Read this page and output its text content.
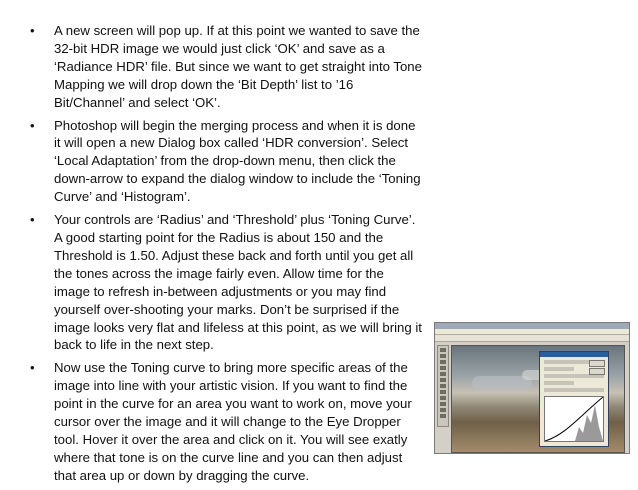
•	A new screen will pop up. If at this point we wanted to save the 32-bit HDR image we would just click ‘OK’ and save as a ‘Radiance HDR’ file. But since we want to get straight into Tone Mapping we will drop down the ‘Bit Depth’ list to ’16 Bit/Channel’ and select ‘OK’.
•	Photoshop will begin the merging process and when it is done it will open a new Dialog box called ‘HDR conversion’. Select ‘Local Adaptation’ from the drop-down menu, then click the down-arrow to expand the dialog window to include the ‘Toning Curve’ and ‘Histogram’.
•	Your controls are ‘Radius’ and ‘Threshold’ plus ‘Toning Curve’. A good starting point for the Radius is about 150 and the Threshold is 1.50. Adjust these back and forth until you get all the tones across the image fairly even. Allow time for the image to refresh in-between adjustments or you may find yourself over-shooting your marks. Don’t be surprised if the image looks very flat and lifeless at this point, as we will bring it back to life in the next step.
•	Now use the Toning curve to bring more specific areas of the image into line with your artistic vision. If you want to find the point in the curve for an area you want to work on, move your cursor over the image and it will change to the Eye Dropper tool. Hover it over the area and click on it. You will see exatly where that tone is on the curve line and you can then adjust that area up or down by dragging the curve.
